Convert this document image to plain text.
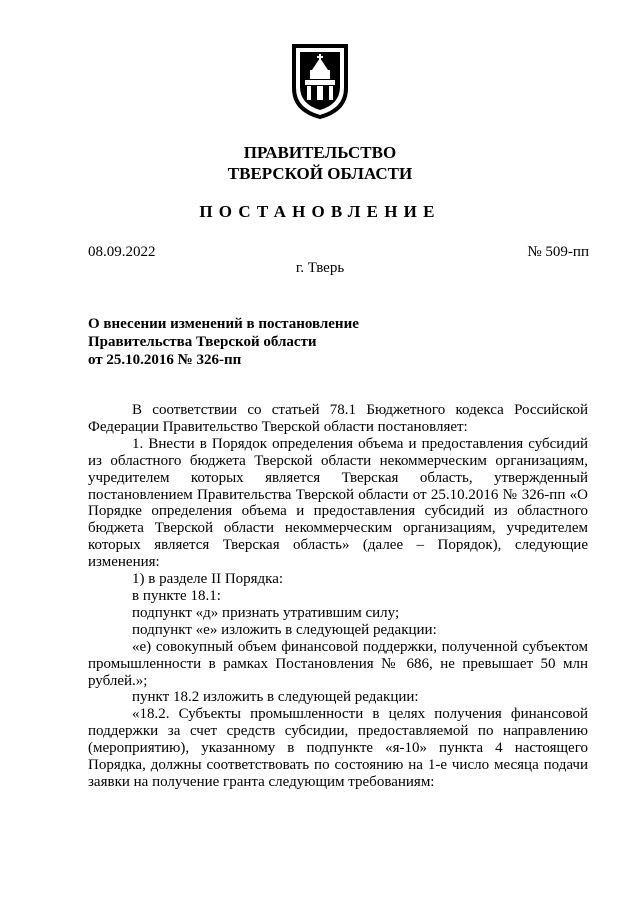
ПРАВИТЕЛЬСТВО
ТВЕРСКОЙ ОБЛАСТИ
ПОСТАНОВЛЕНИЕ
08.09.2022	№ 509-пп
г. Тверь
О внесении изменений в постановление
Правительства Тверской области
от 25.10.2016 № 326-пп

В соответствии со статьей 78.1 Бюджетного кодекса Российской Федерации Правительство Тверской области постановляет:

1. Внести в Порядок определения объема и предоставления субсидий из областного бюджета Тверской области некоммерческим организациям, учредителем которых является Тверская область, утвержденный постановлением Правительства Тверской области от 25.10.2016 № 326-пп «О Порядке определения объема и предоставления субсидий из областного бюджета Тверской области некоммерческим организациям, учредителем которых является Тверская область» (далее – Порядок), следующие изменения:

1) в разделе II Порядка:

в пункте 18.1:

подпункт «д» признать утратившим силу;

подпункт «е» изложить в следующей редакции:

«е) совокупный объем финансовой поддержки, полученной субъектом промышленности в рамках Постановления № 686, не превышает 50 млн рублей.»;

пункт 18.2 изложить в следующей редакции:

«18.2. Субъекты промышленности в целях получения финансовой поддержки за счет средств субсидии, предоставляемой по направлению (мероприятию), указанному в подпункте «я-10» пункта 4 настоящего Порядка, должны соответствовать по состоянию на 1-е число месяца подачи заявки на получение гранта следующим требованиям:
